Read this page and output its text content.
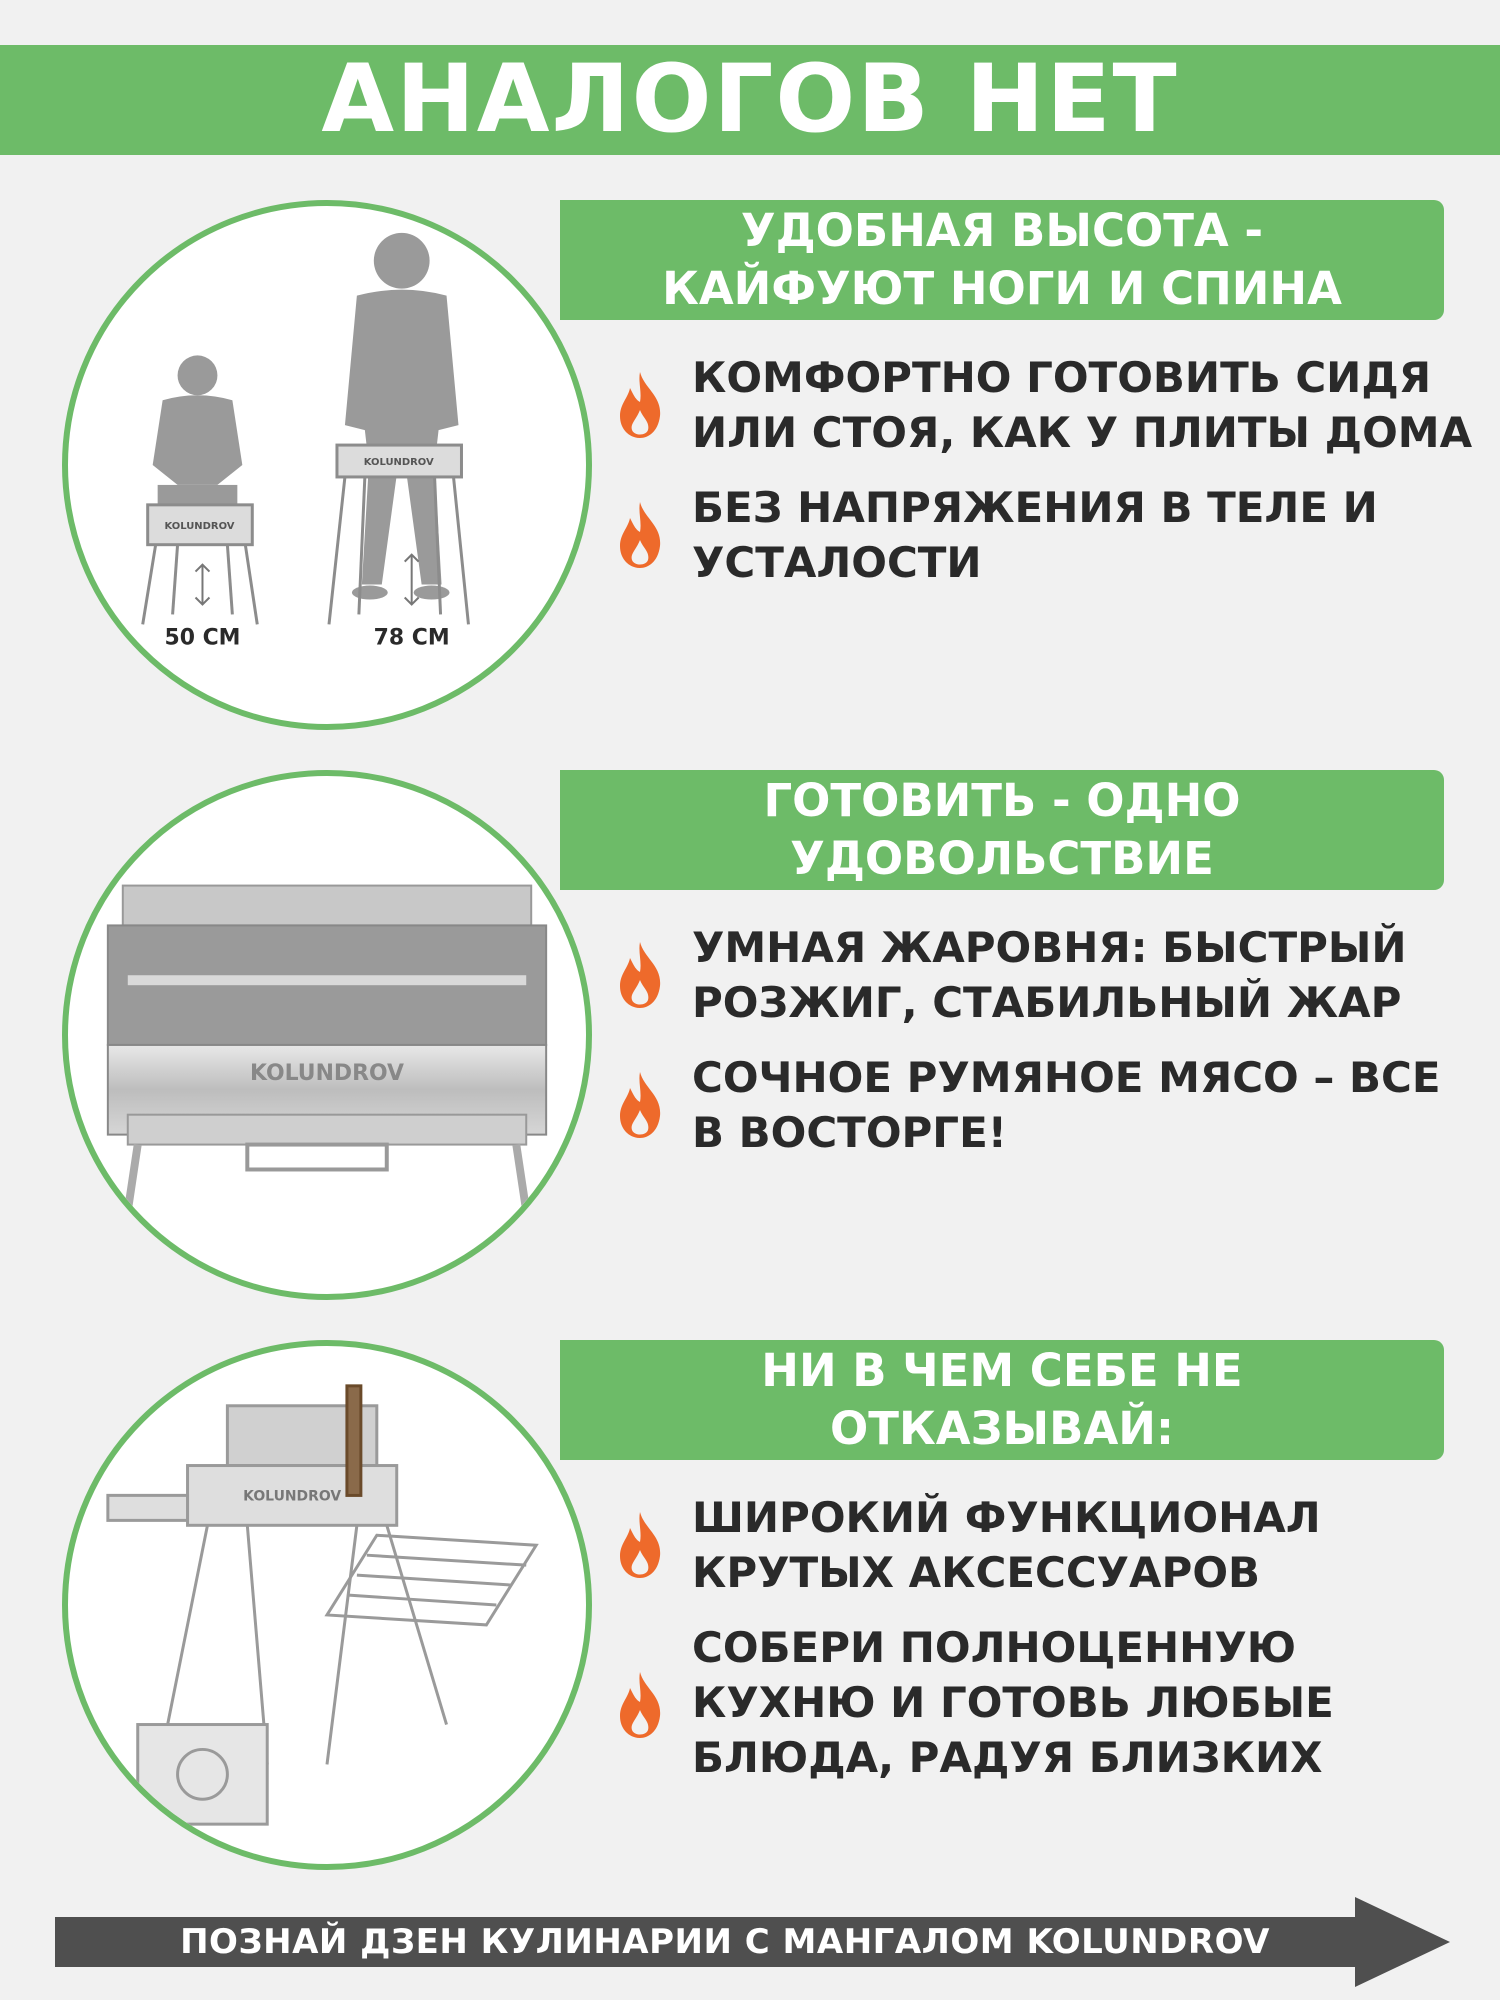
АНАЛОГОВ НЕТ
УДОБНАЯ ВЫСОТА -
КАЙФУЮТ НОГИ И СПИНА
KOLUNDROV
KOLUNDROV
50 СМ	78 СМ
КОМФОРТНО ГОТОВИТЬ СИДЯ
ИЛИ СТОЯ, КАК У ПЛИТЫ ДОМА
БЕЗ НАПРЯЖЕНИЯ В ТЕЛЕ И
УСТАЛОСТИ
ГОТОВИТЬ - ОДНО
УДОВОЛЬСТВИЕ
KOLUNDROV
УМНАЯ ЖАРОВНЯ: БЫСТРЫЙ
РОЗЖИГ, СТАБИЛЬНЫЙ ЖАР
СОЧНОЕ РУМЯНОЕ МЯСО – ВСЕ
В ВОСТОРГЕ!
НИ В ЧЕМ СЕБЕ НЕ
ОТКАЗЫВАЙ:
KOLUNDROV	ШИРОКИЙ ФУНКЦИОНАЛ
КРУТЫХ АКСЕССУАРОВ
СОБЕРИ ПОЛНОЦЕННУЮ
КУХНЮ И ГОТОВЬ ЛЮБЫЕ
БЛЮДА, РАДУЯ БЛИЗКИХ
ПОЗНАЙ ДЗЕН КУЛИНАРИИ С МАНГАЛОМ KOLUNDROV
